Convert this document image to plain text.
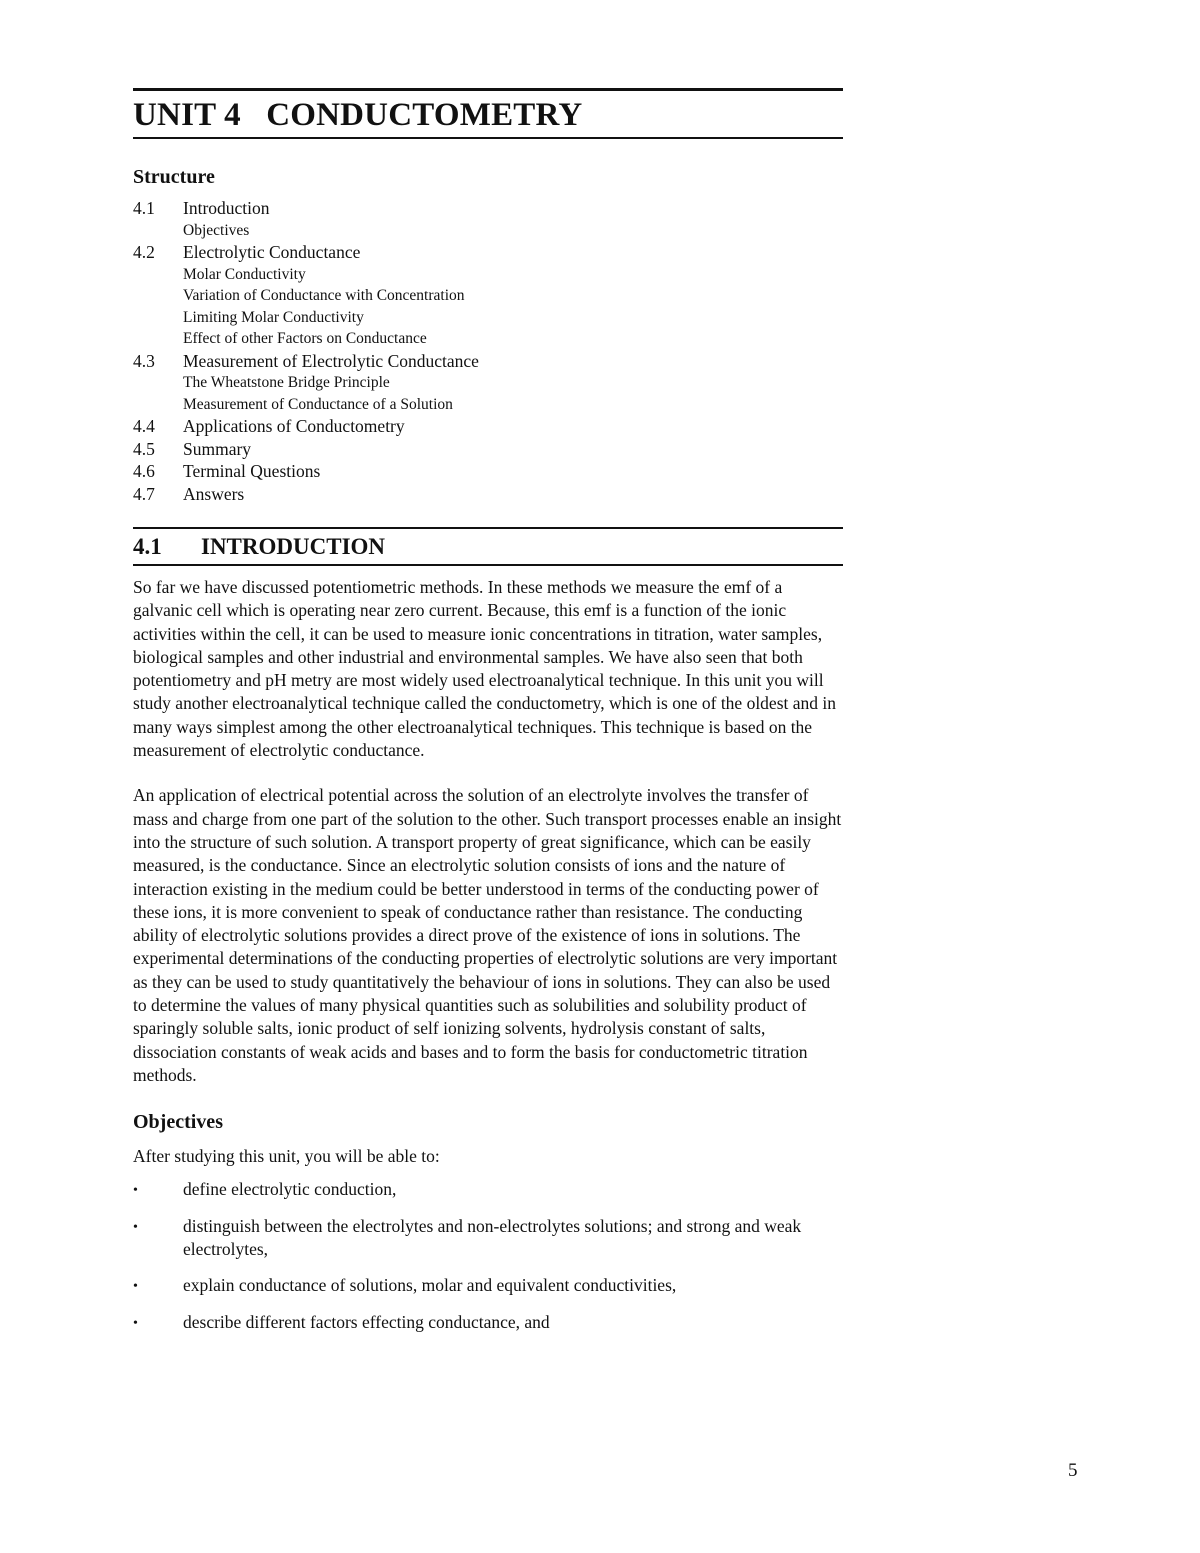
UNIT 4   CONDUCTOMETRY
Structure
4.1	Introduction
Objectives
4.2	Electrolytic Conductance
Molar Conductivity
Variation of Conductance with Concentration
Limiting Molar Conductivity
Effect of other Factors on Conductance
4.3	Measurement of Electrolytic Conductance
The Wheatstone Bridge Principle
Measurement of Conductance of a Solution
4.4	Applications of Conductometry
4.5	Summary
4.6	Terminal Questions
4.7	Answers
4.1	INTRODUCTION

So far we have discussed potentiometric methods. In these methods we measure the emf of a galvanic cell which is operating near zero current. Because, this emf is a function of the ionic activities within the cell, it can be used to measure ionic concentrations in titration, water samples, biological samples and other industrial and environmental samples. We have also seen that both potentiometry and pH metry are most widely used electroanalytical technique. In this unit you will study another electroanalytical technique called the conductometry, which is one of the oldest and in many ways simplest among the other electroanalytical techniques. This technique is based on the measurement of electrolytic conductance.

An application of electrical potential across the solution of an electrolyte involves the transfer of mass and charge from one part of the solution to the other. Such transport processes enable an insight into the structure of such solution. A transport property of great significance, which can be easily measured, is the conductance. Since an electrolytic solution consists of ions and the nature of interaction existing in the medium could be better understood in terms of the conducting power of these ions, it is more convenient to speak of conductance rather than resistance. The conducting ability of electrolytic solutions provides a direct prove of the existence of ions in solutions. The experimental determinations of the conducting properties of electrolytic solutions are very important as they can be used to study quantitatively the behaviour of ions in solutions. They can also be used to determine the values of many physical quantities such as solubilities and solubility product of sparingly soluble salts, ionic product of self ionizing solvents, hydrolysis constant of salts, dissociation constants of weak acids and bases and to form the basis for conductometric titration methods.

Objectives
After studying this unit, you will be able to:
•	define electrolytic conduction,
•	distinguish between the electrolytes and non-electrolytes solutions; and strong and weak electrolytes,
•	explain conductance of solutions, molar and equivalent conductivities,
•	describe different factors effecting conductance, and
5
